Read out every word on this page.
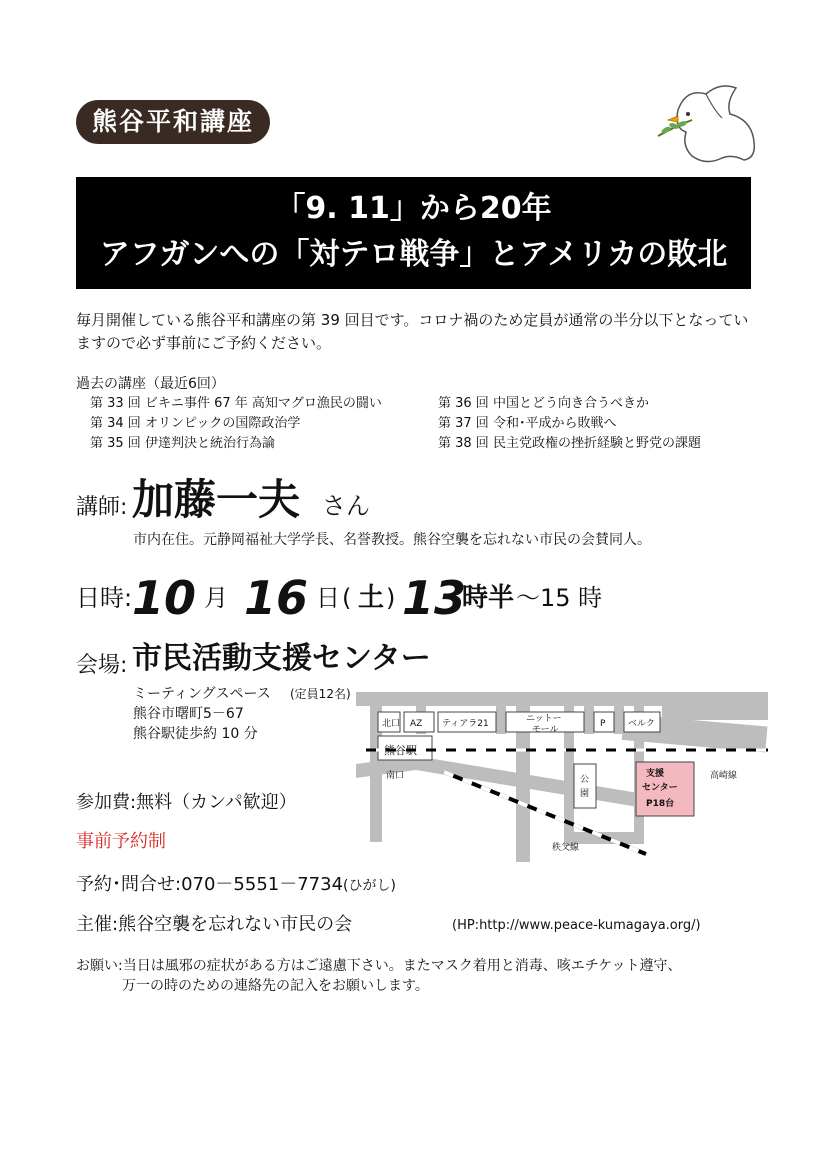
熊谷平和講座
「9. 11」から20年
アフガンへの「対テロ戦争」とアメリカの敗北
毎月開催している熊谷平和講座の第 39 回目です。コロナ禍のため定員が通常の半分以下となっていますので必ず事前にご予約ください。
過去の講座（最近6回）
第 33 回 ビキニ事件 67 年 高知マグロ漁民の闘い
第 34 回 オリンピックの国際政治学
第 35 回 伊達判決と統治行為論
第 36 回 中国とどう向き合うべきか
第 37 回 令和･平成から敗戦へ
第 38 回 民主党政権の挫折経験と野党の課題
講師: 加藤一夫 さん
市内在住。元静岡福祉大学学長、名誉教授。熊谷空襲を忘れない市民の会賛同人。
日時: 10 月 16 日 ( 土 ) 13
時半 ～15 時
会場: 市民活動支援センター
ミーティングスペース (定員12名)
熊谷市曙町5－67
熊谷駅徒歩約 10 分
北口 AZ ティアラ21	ニットー
モール
P	ベルク
熊谷駅
南口	公
園
支援
センター
P18台
高崎線
秩父線
参加費:無料（カンパ歓迎）
事前予約制
予約･問合せ:070－5551－7734(ひがし)
主催:熊谷空襲を忘れない市民の会	(HP:http://www.peace-kumagaya.org/)
お願い:当日は風邪の症状がある方はご遠慮下さい。またマスク着用と消毒、咳エチケット遵守、
万一の時のための連絡先の記入をお願いします。
